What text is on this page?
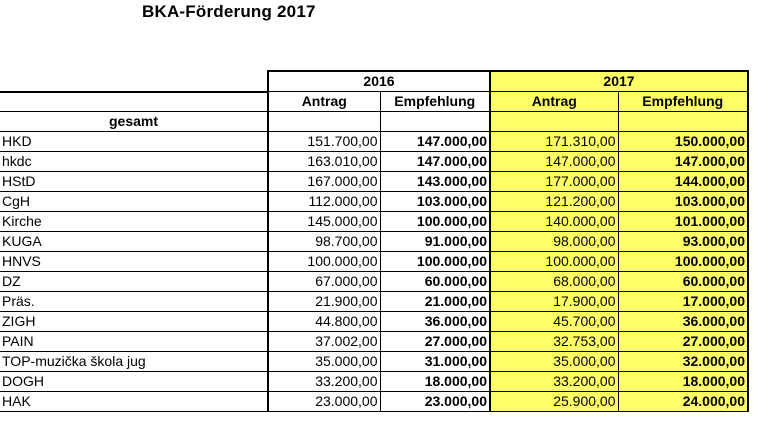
BKA-Förderung 2017
	2016		2017	
	Antrag	Empfehlung	Antrag	Empfehlung
gesamt				
HKD	151.700,00	147.000,00	171.310,00	150.000,00
hkdc	163.010,00	147.000,00	147.000,00	147.000,00
HStD	167.000,00	143.000,00	177.000,00	144.000,00
CgH	112.000,00	103.000,00	121.200,00	103.000,00
Kirche	145.000,00	100.000,00	140.000,00	101.000,00
KUGA	98.700,00	91.000,00	98.000,00	93.000,00
HNVS	100.000,00	100.000,00	100.000,00	100.000,00
DZ	67.000,00	60.000,00	68.000,00	60.000,00
Präs.	21.900,00	21.000,00	17.900,00	17.000,00
ZIGH	44.800,00	36.000,00	45.700,00	36.000,00
PAIN	37.002,00	27.000,00	32.753,00	27.000,00
TOP-muzička škola jug	35.000,00	31.000,00	35.000,00	32.000,00
DOGH	33.200,00	18.000,00	33.200,00	18.000,00
HAK	23.000,00	23.000,00	25.900,00	24.000,00
